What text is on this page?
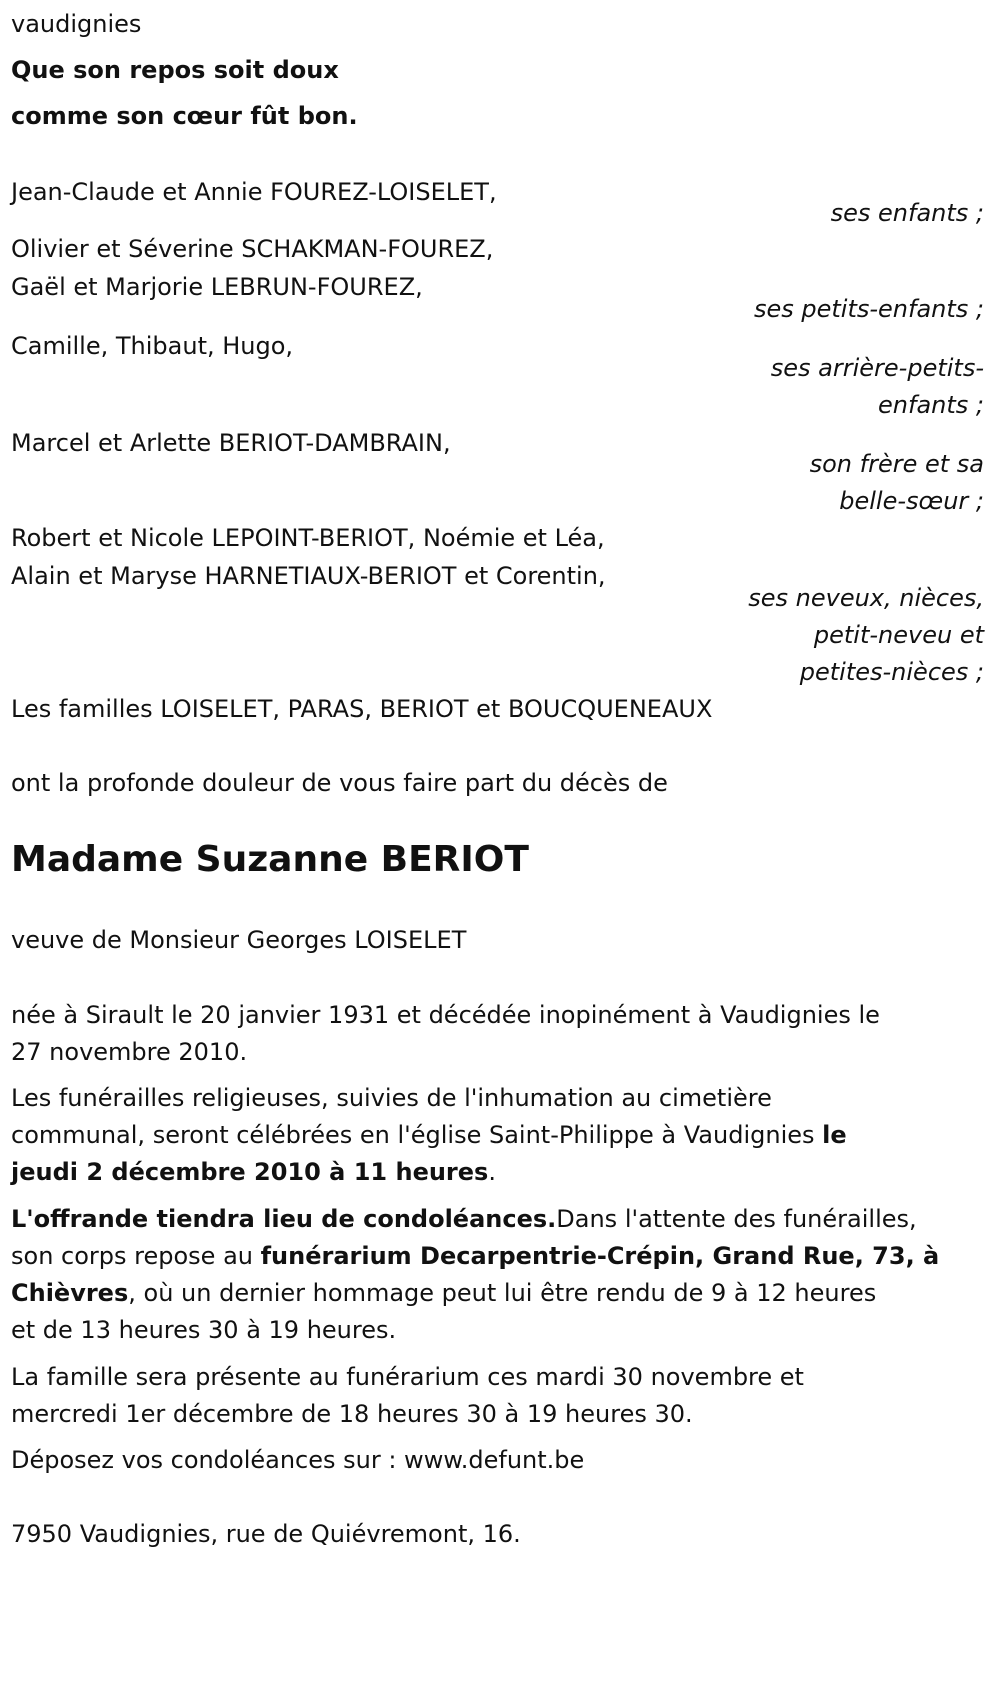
vaudignies

Que son repos soit doux

comme son cœur fût bon.

Jean-Claude et Annie FOUREZ-LOISELET,

ses enfants ;

Olivier et Séverine SCHAKMAN-FOUREZ,

Gaël et Marjorie LEBRUN-FOUREZ,

ses petits-enfants ;

Camille, Thibaut, Hugo,

ses arrière-petits-

enfants ;

Marcel et Arlette BERIOT-DAMBRAIN,

son frère et sa

belle-sœur ;

Robert et Nicole LEPOINT-BERIOT, Noémie et Léa,

Alain et Maryse HARNETIAUX-BERIOT et Corentin,

ses neveux, nièces,

petit-neveu et

petites-nièces ;

Les familles LOISELET, PARAS, BERIOT et BOUCQUENEAUX

ont la profonde douleur de vous faire part du décès de

Madame Suzanne BERIOT

veuve de Monsieur Georges LOISELET

née à Sirault le 20 janvier 1931 et décédée inopinément à Vaudignies le

27 novembre 2010.

Les funérailles religieuses, suivies de l'inhumation au cimetière

communal, seront célébrées en l'église Saint-Philippe à Vaudignies le

jeudi 2 décembre 2010 à 11 heures.

L'offrande tiendra lieu de condoléances.Dans l'attente des funérailles,

son corps repose au funérarium Decarpentrie-Crépin, Grand Rue, 73, à

Chièvres, où un dernier hommage peut lui être rendu de 9 à 12 heures

et de 13 heures 30 à 19 heures.

La famille sera présente au funérarium ces mardi 30 novembre et

mercredi 1er décembre de 18 heures 30 à 19 heures 30.

Déposez vos condoléances sur : www.defunt.be

7950 Vaudignies, rue de Quiévremont, 16.
